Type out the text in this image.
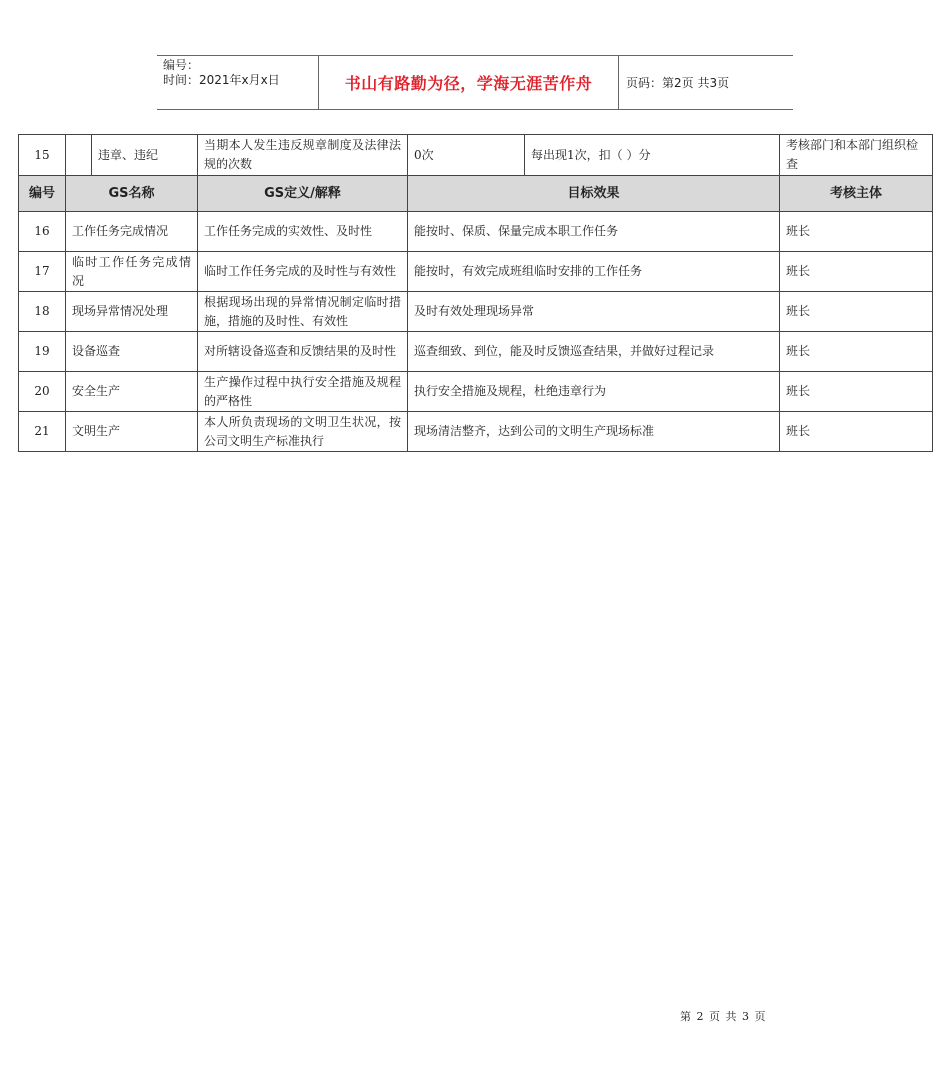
编号：
时间：2021年x月x日	书山有路勤为径，学海无涯苦作舟	页码：第2页 共3页
15		违章、违纪	当期本人发生违反规章制度及法律法规的次数	0次	每出现1次，扣（ ）分	考核部门和本部门组织检查
编号	GS名称		GS定义/解释	目标效果		考核主体
16	工作任务完成情况		工作任务完成的实效性、及时性	能按时、保质、保量完成本职工作任务		班长
17	临时工作任务完成情况		临时工作任务完成的及时性与有效性	能按时，有效完成班组临时安排的工作任务		班长
18	现场异常情况处理		根据现场出现的异常情况制定临时措施，措施的及时性、有效性	及时有效处理现场异常		班长
19	设备巡查		对所辖设备巡查和反馈结果的及时性	巡查细致、到位，能及时反馈巡查结果，并做好过程记录		班长
20	安全生产		生产操作过程中执行安全措施及规程的严格性	执行安全措施及规程，杜绝违章行为		班长
21	文明生产		本人所负责现场的文明卫生状况，按公司文明生产标准执行	现场清洁整齐，达到公司的文明生产现场标准		班长
第 2 页 共 3 页
